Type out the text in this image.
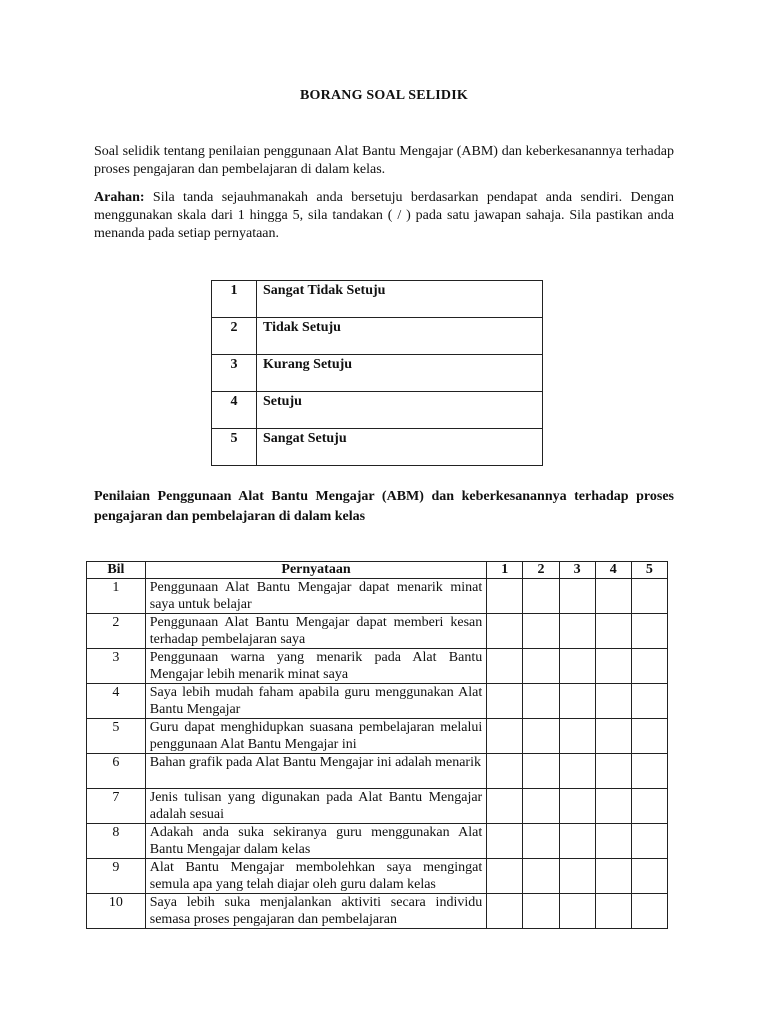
BORANG SOAL SELIDIK
Soal selidik tentang penilaian penggunaan Alat Bantu Mengajar (ABM) dan keberkesanannya terhadap proses pengajaran dan pembelajaran di dalam kelas.
Arahan: Sila tanda sejauhmanakah anda bersetuju berdasarkan pendapat anda sendiri. Dengan menggunakan skala dari 1 hingga 5, sila tandakan ( / ) pada satu jawapan sahaja. Sila pastikan anda menanda pada setiap pernyataan.
1	Sangat Tidak Setuju
2	Tidak Setuju
3	Kurang Setuju
4	Setuju
5	Sangat Setuju
Penilaian Penggunaan Alat Bantu Mengajar (ABM) dan keberkesanannya terhadap proses pengajaran dan pembelajaran di dalam kelas
Bil	Pernyataan	1	2	3	4	5
1	Penggunaan Alat Bantu Mengajar dapat menarik minat saya untuk belajar					
2	Penggunaan Alat Bantu Mengajar dapat memberi kesan terhadap pembelajaran saya					
3	Penggunaan warna yang menarik pada Alat Bantu Mengajar lebih menarik minat saya					
4	Saya lebih mudah faham apabila guru menggunakan Alat Bantu Mengajar					
5	Guru dapat menghidupkan suasana pembelajaran melalui penggunaan Alat Bantu Mengajar ini					
6	Bahan grafik pada Alat Bantu Mengajar ini adalah menarik					
7	Jenis tulisan yang digunakan pada Alat Bantu Mengajar adalah sesuai					
8	Adakah anda suka sekiranya guru menggunakan Alat Bantu Mengajar dalam kelas					
9	Alat Bantu Mengajar membolehkan saya mengingat semula apa yang telah diajar oleh guru dalam kelas					
10	Saya lebih suka menjalankan aktiviti secara individu semasa proses pengajaran dan pembelajaran					
